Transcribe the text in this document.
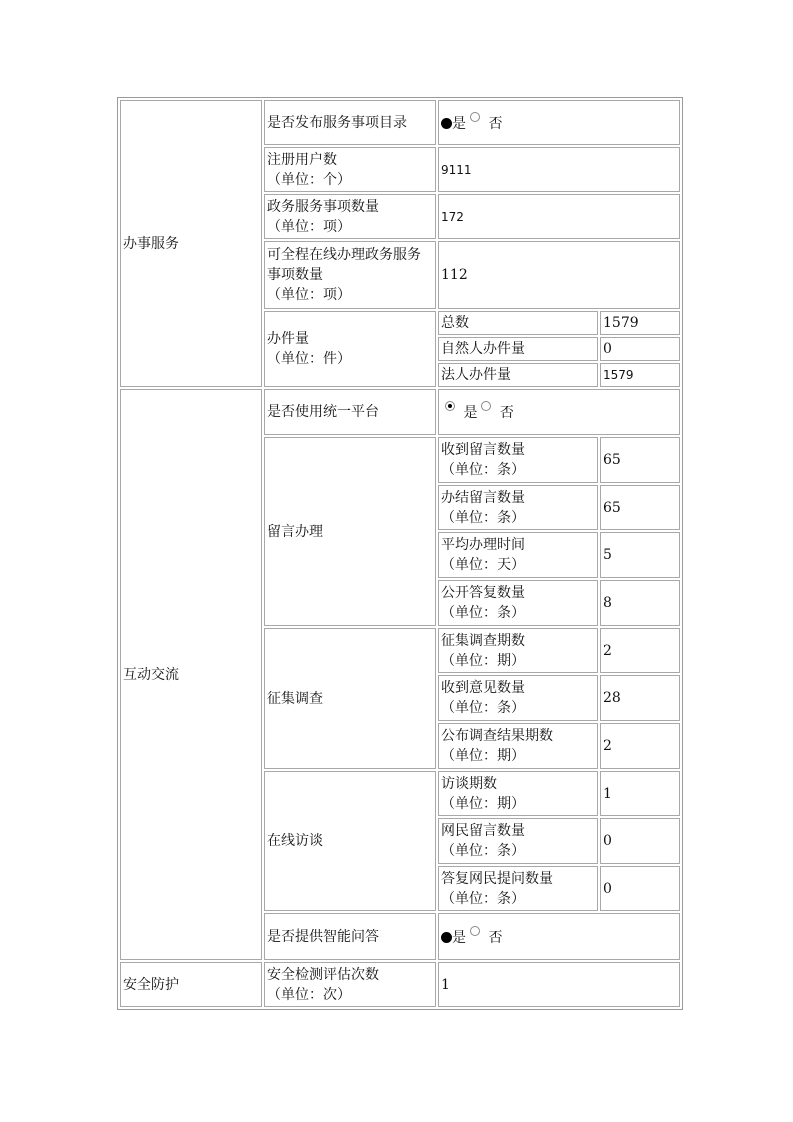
办事服务	是否发布服务事项目录	是 否	
	注册用户数
（单位：个）	9111	
	政务服务事项数量
（单位：项）	172	
	可全程在线办理政务服务事项数量
（单位：项）	112	
	办件量
（单位：件）	总数	1579
		自然人办件量	0
		法人办件量	1579
互动交流	是否使用统一平台	是 否	
	留言办理	收到留言数量
（单位：条）	65
		办结留言数量
（单位：条）	65
		平均办理时间
（单位：天）	5
		公开答复数量
（单位：条）	8
	征集调查	征集调查期数
（单位：期）	2
		收到意见数量
（单位：条）	28
		公布调查结果期数
（单位：期）	2
	在线访谈	访谈期数
（单位：期）	1
		网民留言数量
（单位：条）	0
		答复网民提问数量
（单位：条）	0
	是否提供智能问答	是 否	
安全防护	安全检测评估次数
（单位：次）	1	
